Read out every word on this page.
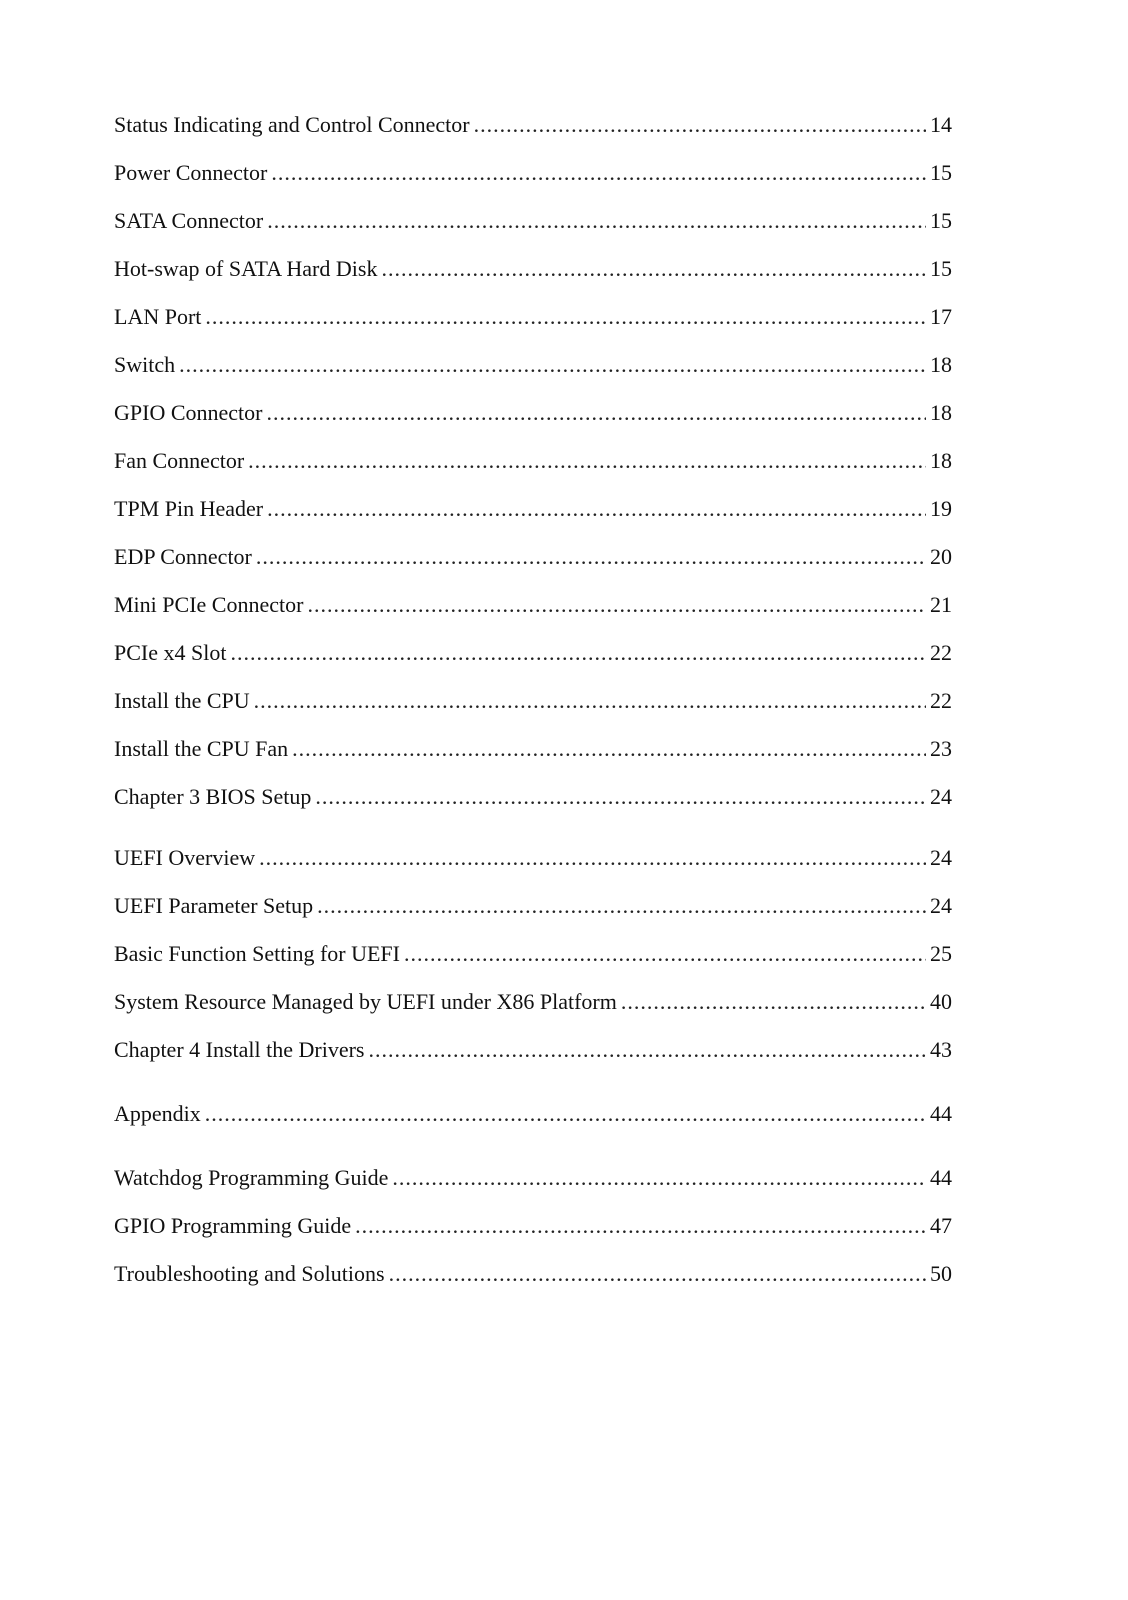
Status Indicating and Control Connector .....	14
Power Connector .....	15
SATA Connector .....	15
Hot-swap of SATA Hard Disk .....	15
LAN Port .....	17
Switch .....	18
GPIO Connector .....	18
Fan Connector .....	18
TPM Pin Header .....	19
EDP Connector .....	20
Mini PCIe Connector .....	21
PCIe x4 Slot .....	22
Install the CPU .....	22
Install the CPU Fan .....	23
Chapter 3 BIOS Setup .....	24
UEFI Overview .....	24
UEFI Parameter Setup .....	24
Basic Function Setting for UEFI .....	25
System Resource Managed by UEFI under X86 Platform .....	40
Chapter 4 Install the Drivers .....	43
Appendix .....	44
Watchdog Programming Guide .....	44
GPIO Programming Guide .....	47
Troubleshooting and Solutions .....	50
